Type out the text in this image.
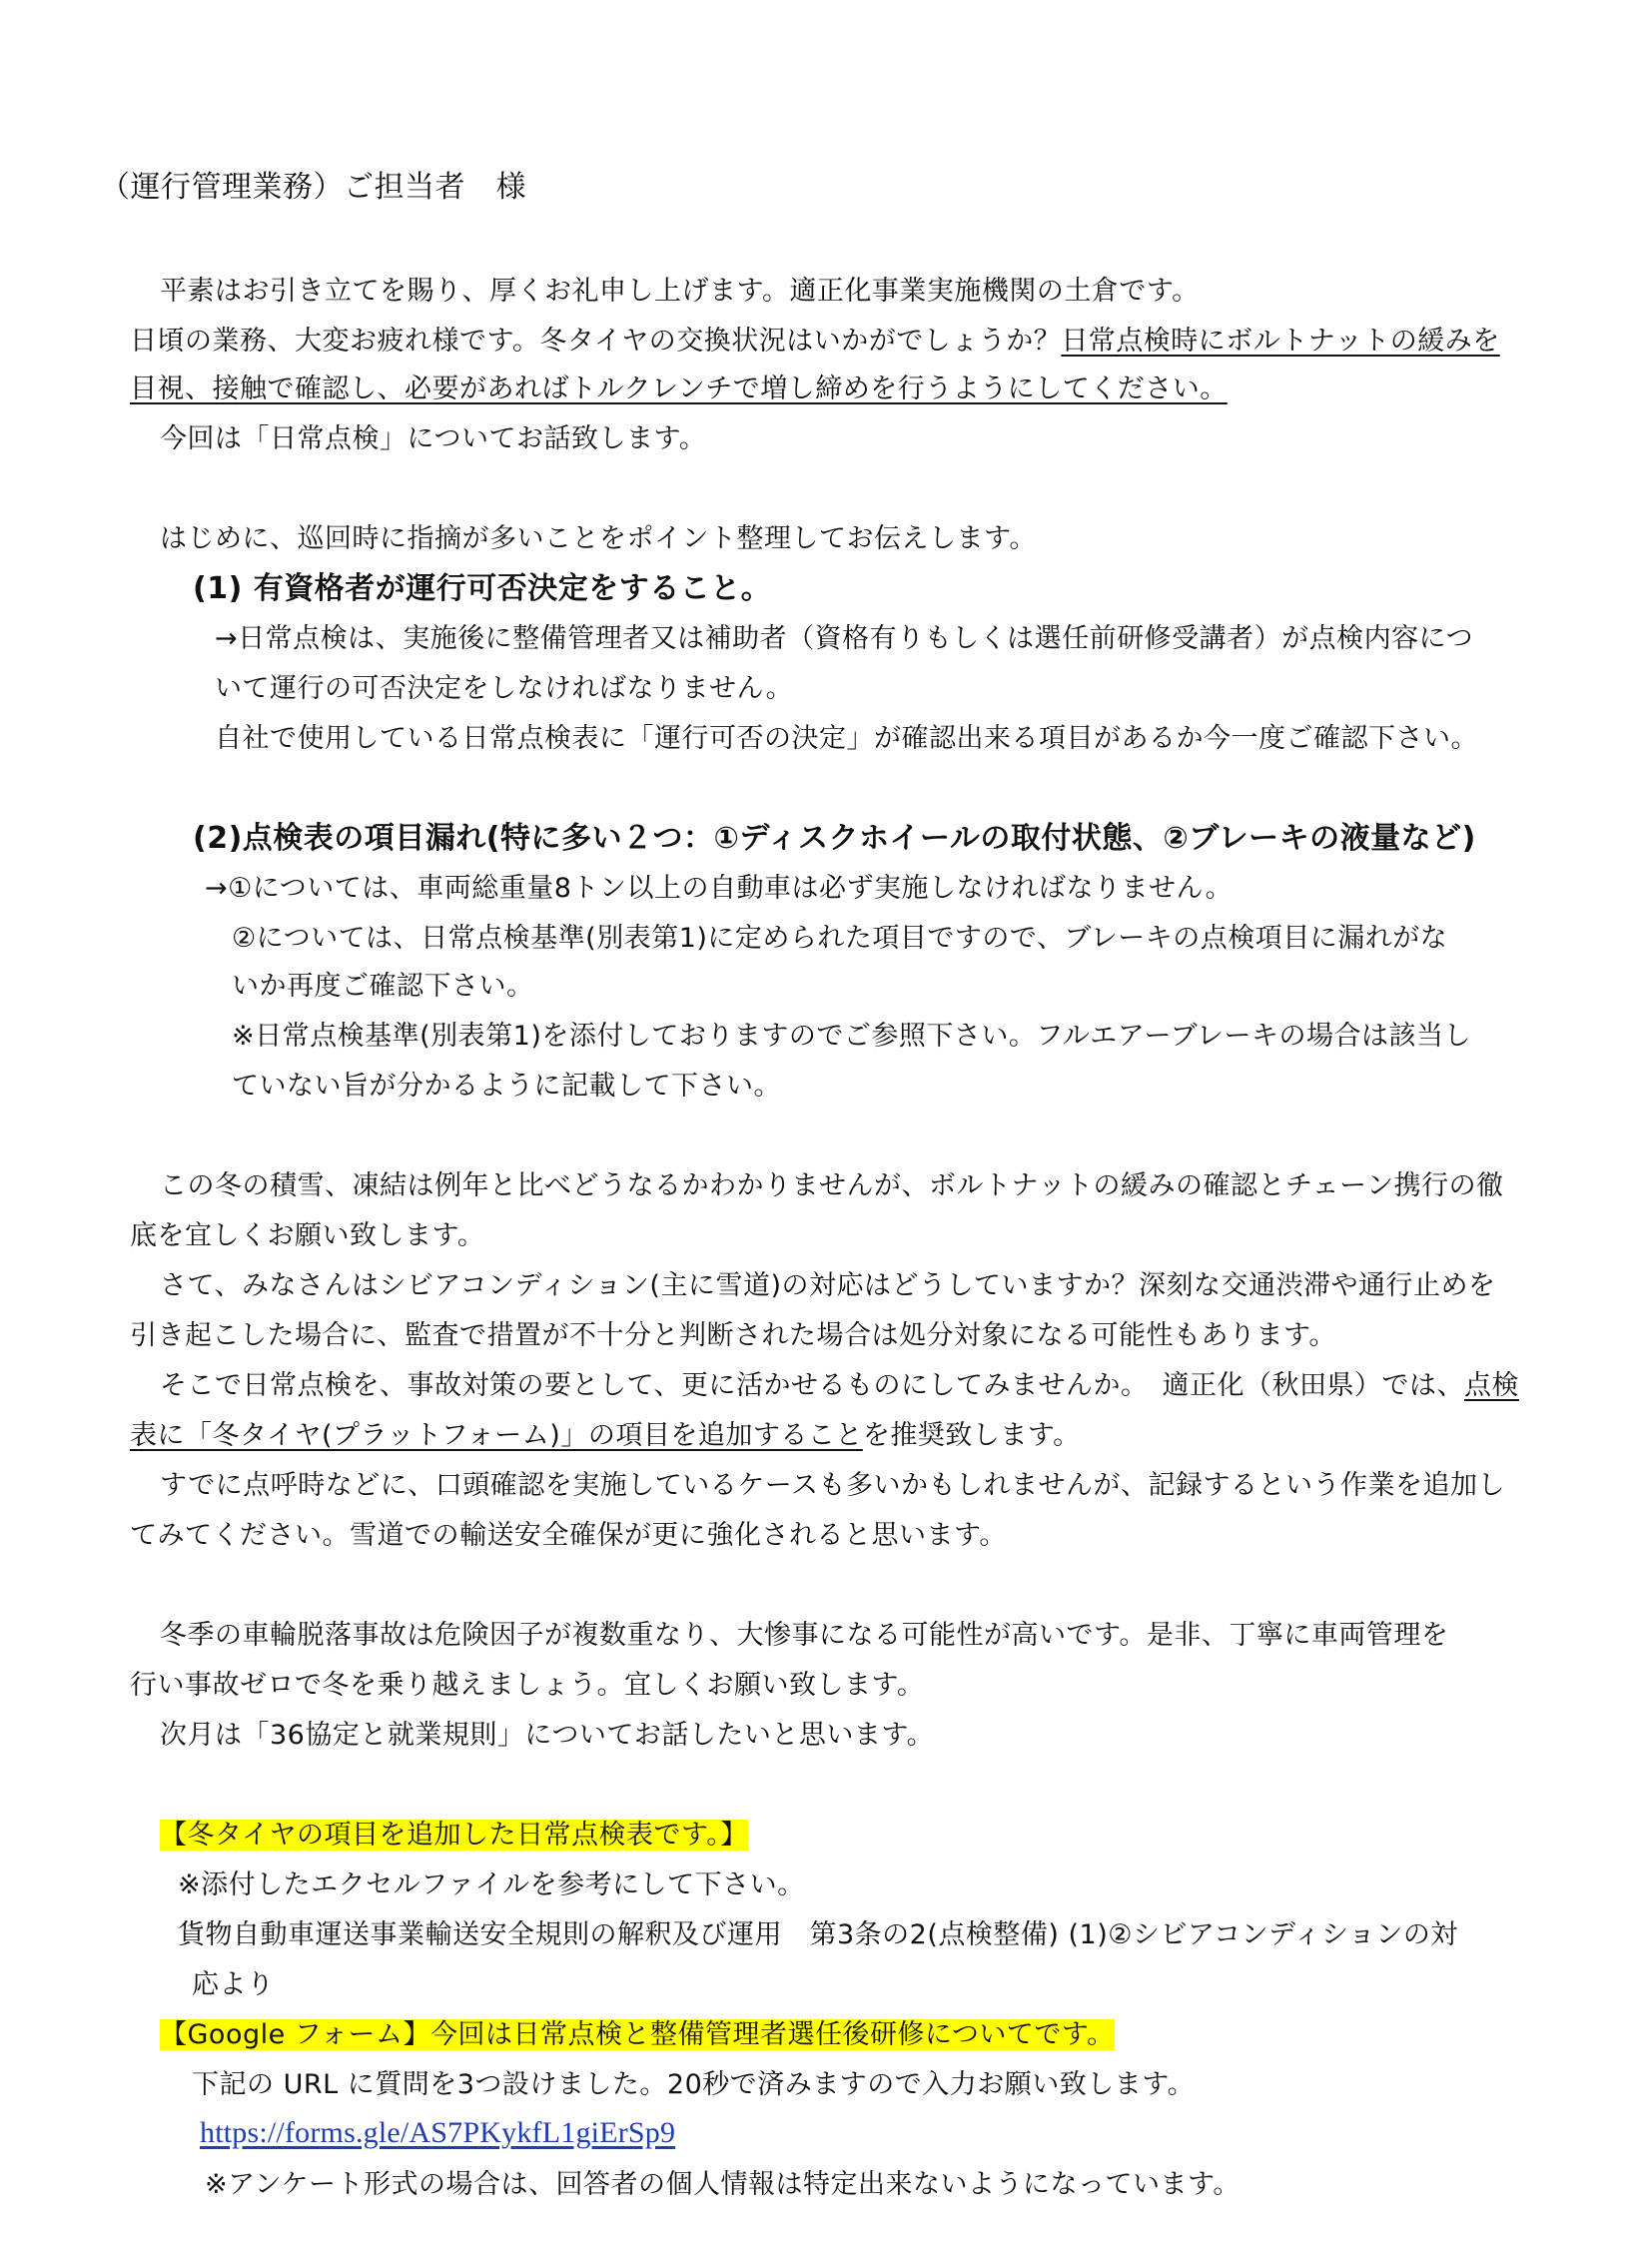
（運行管理業務）ご担当者　様

平素はお引き立てを賜り、厚くお礼申し上げます。適正化事業実施機関の土倉です。

日頃の業務、大変お疲れ様です。冬タイヤの交換状況はいかがでしょうか？日常点検時にボルトナットの緩みを

目視、接触で確認し、必要があればトルクレンチで増し締めを行うようにしてください。

今回は「日常点検」についてお話致します。

はじめに、巡回時に指摘が多いことをポイント整理してお伝えします。

(1) 有資格者が運行可否決定をすること。

→日常点検は、実施後に整備管理者又は補助者（資格有りもしくは選任前研修受講者）が点検内容につ

いて運行の可否決定をしなければなりません。

自社で使用している日常点検表に「運行可否の決定」が確認出来る項目があるか今一度ご確認下さい。

(2)点検表の項目漏れ(特に多い２つ：①ディスクホイールの取付状態、②ブレーキの液量など)

→①については、車両総重量8トン以上の自動車は必ず実施しなければなりません。

②については、日常点検基準(別表第1)に定められた項目ですので、ブレーキの点検項目に漏れがな

いか再度ご確認下さい。

※日常点検基準(別表第1)を添付しておりますのでご参照下さい。フルエアーブレーキの場合は該当し

ていない旨が分かるように記載して下さい。

この冬の積雪、凍結は例年と比べどうなるかわかりませんが、ボルトナットの緩みの確認とチェーン携行の徹

底を宜しくお願い致します。

さて、みなさんはシビアコンディション(主に雪道)の対応はどうしていますか？深刻な交通渋滞や通行止めを

引き起こした場合に、監査で措置が不十分と判断された場合は処分対象になる可能性もあります。

そこで日常点検を、事故対策の要として、更に活かせるものにしてみませんか。　適正化（秋田県）では、点検

表に「冬タイヤ(プラットフォーム)」の項目を追加することを推奨致します。

すでに点呼時などに、口頭確認を実施しているケースも多いかもしれませんが、記録するという作業を追加し

てみてください。雪道での輸送安全確保が更に強化されると思います。

冬季の車輪脱落事故は危険因子が複数重なり、大惨事になる可能性が高いです。是非、丁寧に車両管理を

行い事故ゼロで冬を乗り越えましょう。宜しくお願い致します。

次月は「36協定と就業規則」についてお話したいと思います。

【冬タイヤの項目を追加した日常点検表です。】

※添付したエクセルファイルを参考にして下さい。

貨物自動車運送事業輸送安全規則の解釈及び運用　第3条の2(点検整備) (1)②シビアコンディションの対

応より

【Google フォーム】今回は日常点検と整備管理者選任後研修についてです。

下記の URL に質問を3つ設けました。20秒で済みますので入力お願い致します。

https://forms.gle/AS7PKykfL1giErSp9

※アンケート形式の場合は、回答者の個人情報は特定出来ないようになっています。
